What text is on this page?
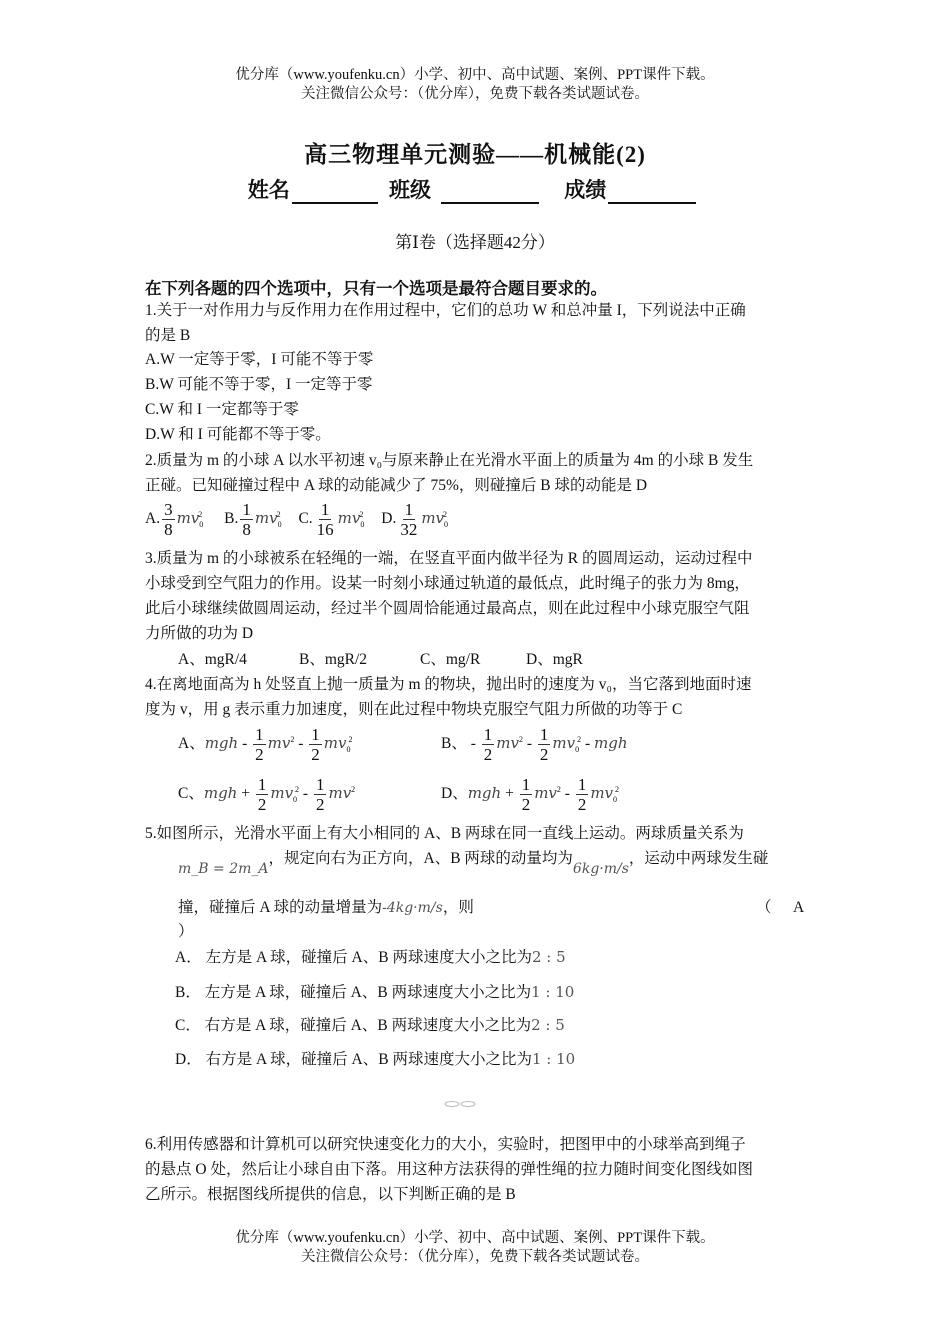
优分库（www.youfenku.cn）小学、初中、高中试题、案例、PPT课件下载。
关注微信公众号：（优分库），免费下载各类试题试卷。
高三物理单元测验——机械能(2)
姓名	班级	成绩
第Ⅰ卷（选择题42分）
在下列各题的四个选项中，只有一个选项是最符合题目要求的。
1.关于一对作用力与反作用力在作用过程中，它们的总功 W 和总冲量 I，下列说法中正确
的是 B
A.W 一定等于零，I 可能不等于零
B.W 可能不等于零，I 一定等于零
C.W 和 I 一定都等于零
D.W 和 I 可能都不等于零。
2.质量为 m 的小球 A 以水平初速 v₀与原来静止在光滑水平面上的质量为 4m 的小球 B 发生
正碰。已知碰撞过程中 A 球的动能减少了 75%，则碰撞后 B 球的动能是 D
A. $\frac{3}{8} mv_0^2$ B. $\frac{1}{8} mv_0^2$ C. $\frac{1}{16} mv_0^2$ D. $\frac{1}{32} mv_0^2$
3.质量为 m 的小球被系在轻绳的一端，在竖直平面内做半径为 R 的圆周运动，运动过程中
小球受到空气阻力的作用。设某一时刻小球通过轨道的最低点，此时绳子的张力为 8mg，
此后小球继续做圆周运动，经过半个圆周恰能通过最高点，则在此过程中小球克服空气阻
力所做的功为 D
A、mgR/4	B、mgR/2	C、mg/R	D、mgR
4.在离地面高为 h 处竖直上抛一质量为 m 的物块，抛出时的速度为 v₀，当它落到地面时速
度为 v，用 g 表示重力加速度，则在此过程中物块克服空气阻力所做的功等于 C
A、mgh - $\frac{1}{2} mv^2 - \frac{1}{2} mv_0^2$	B、 - $\frac{1}{2} mv^2 - \frac{1}{2} mv_0^2$ - mgh
C、mgh + $\frac{1}{2} mv_0^2 - \frac{1}{2} mv^2$	D、mgh + $\frac{1}{2} mv^2 - \frac{1}{2} mv_0^2$
5.如图所示，光滑水平面上有大小相同的 A、B 两球在同一直线上运动。两球质量关系为
m_B = 2m_A，规定向右为正方向，A、B 两球的动量均为6kg·m/s，运动中两球发生碰
撞，碰撞后 A 球的动量增量为-4kg·m/s，则	（ A
）
A． 左方是 A 球，碰撞后 A、B 两球速度大小之比为2 : 5
B． 左方是 A 球，碰撞后 A、B 两球速度大小之比为1 : 10
C． 右方是 A 球，碰撞后 A、B 两球速度大小之比为2 : 5
D． 右方是 A 球，碰撞后 A、B 两球速度大小之比为1 : 10
6.利用传感器和计算机可以研究快速变化力的大小，实验时，把图甲中的小球举高到绳子
的悬点 O 处，然后让小球自由下落。用这种方法获得的弹性绳的拉力随时间变化图线如图
乙所示。根据图线所提供的信息，以下判断正确的是 B
优分库（www.youfenku.cn）小学、初中、高中试题、案例、PPT课件下载。
关注微信公众号：（优分库），免费下载各类试题试卷。
